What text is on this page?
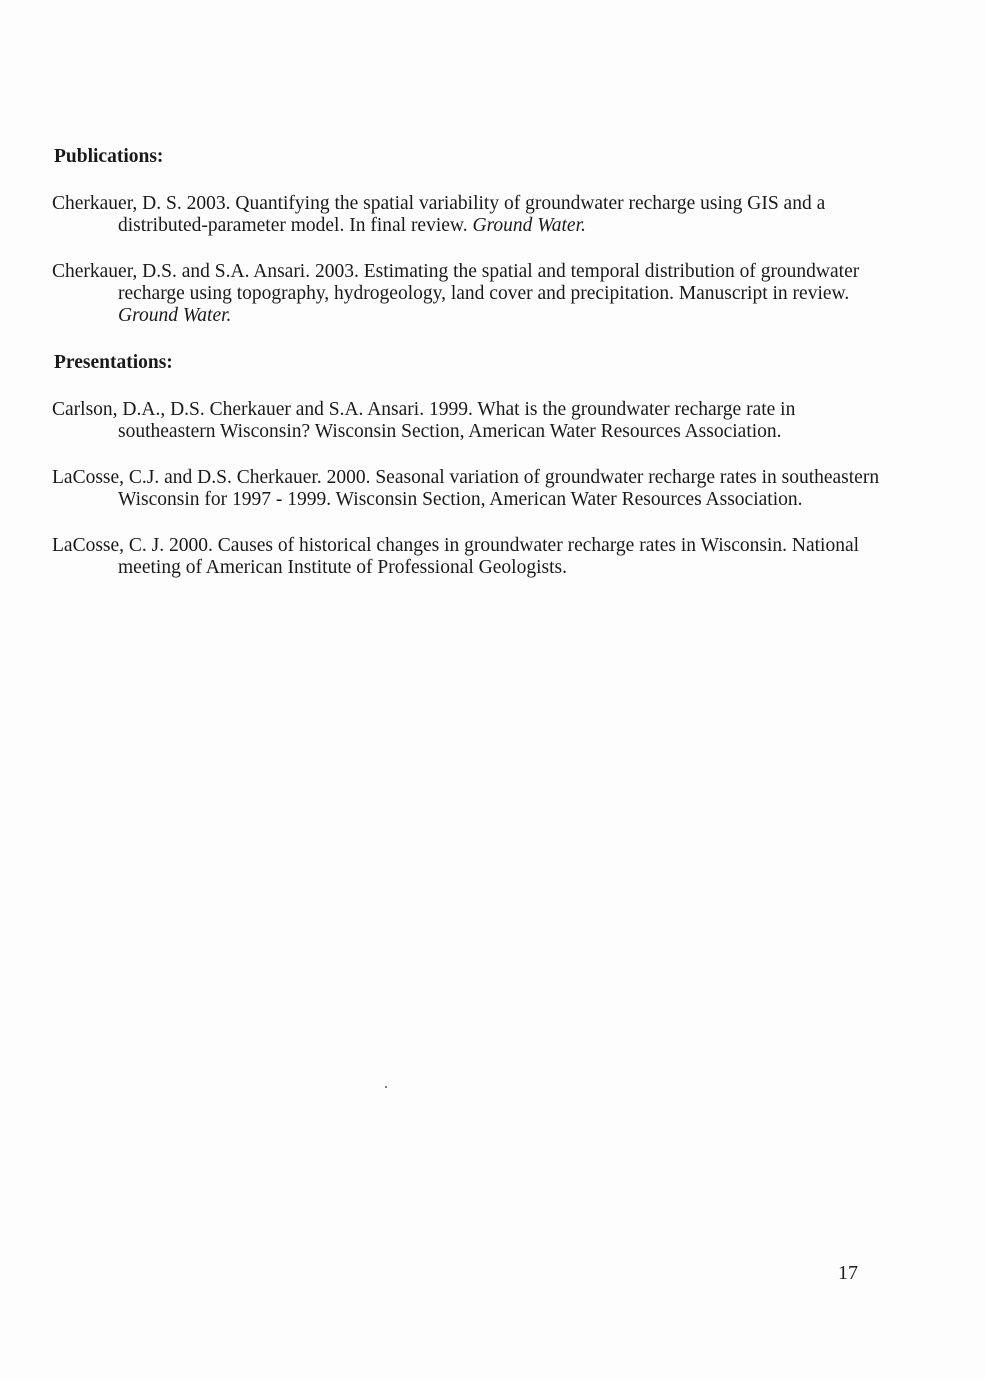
Publications:
Cherkauer, D. S. 2003. Quantifying the spatial variability of groundwater recharge using GIS and a distributed-parameter model. In final review. Ground Water.
Cherkauer, D.S. and S.A. Ansari. 2003. Estimating the spatial and temporal distribution of groundwater recharge using topography, hydrogeology, land cover and precipitation. Manuscript in review. Ground Water.
Presentations:
Carlson, D.A., D.S. Cherkauer and S.A. Ansari. 1999. What is the groundwater recharge rate in southeastern Wisconsin? Wisconsin Section, American Water Resources Association.
LaCosse, C.J. and D.S. Cherkauer. 2000. Seasonal variation of groundwater recharge rates in southeastern Wisconsin for 1997 - 1999. Wisconsin Section, American Water Resources Association.
LaCosse, C. J. 2000. Causes of historical changes in groundwater recharge rates in Wisconsin. National meeting of American Institute of Professional Geologists.
17
